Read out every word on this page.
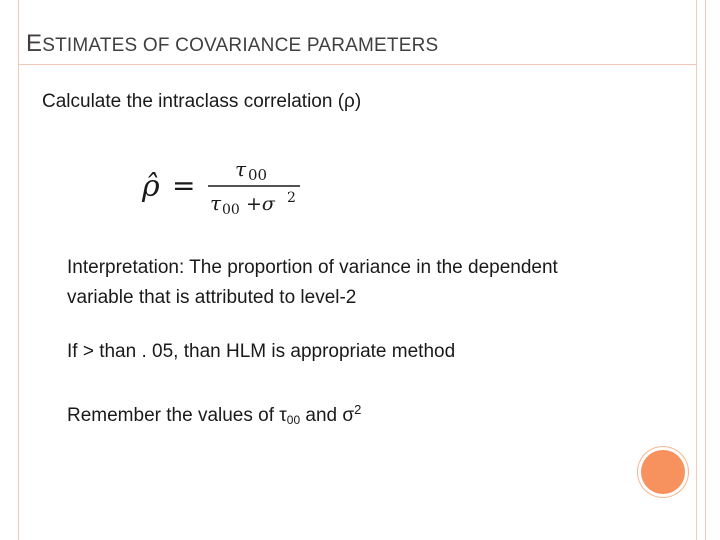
ESTIMATES OF COVARIANCE PARAMETERS
Calculate the intraclass correlation (ρ)
ρ̂ = τ 00
τ 00 +σ 2
Interpretation: The proportion of variance in the dependent variable that is attributed to level-2
If > than . 05, than HLM is appropriate method
Remember the values of $\tau_{00}$ and $\sigma^2$
